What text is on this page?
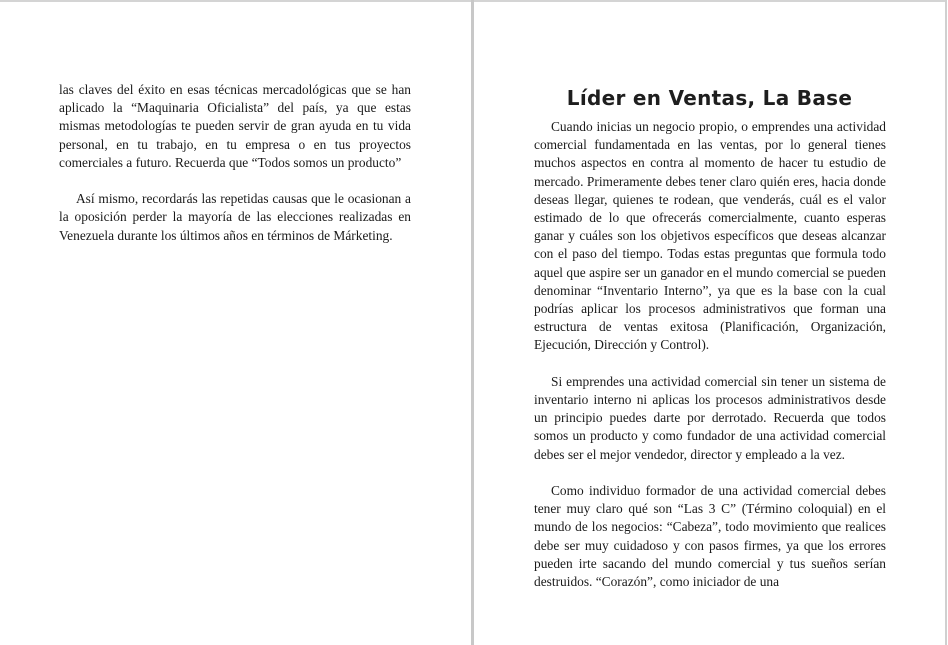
las claves del éxito en esas técnicas mercadológicas que se han aplicado la “Maquinaria Oficialista” del país, ya que estas mismas metodologías te pueden servir de gran ayuda en tu vida personal, en tu trabajo, en tu empresa o en tus proyectos comerciales a futuro. Recuerda que “Todos somos un producto”

Así mismo, recordarás las repetidas causas que le ocasionan a la oposición perder la mayoría de las elecciones realizadas en Venezuela durante los últimos años en términos de Márketing.

Líder en Ventas, La Base

Cuando inicias un negocio propio, o emprendes una actividad comercial fundamentada en las ventas, por lo general tienes muchos aspectos en contra al momento de hacer tu estudio de mercado. Primeramente debes tener claro quién eres, hacia donde deseas llegar, quienes te rodean, que venderás, cuál es el valor estimado de lo que ofrecerás comercialmente, cuanto esperas ganar y cuáles son los objetivos específicos que deseas alcanzar con el paso del tiempo. Todas estas preguntas que formula todo aquel que aspire ser un ganador en el mundo comercial se pueden denominar “Inventario Interno”, ya que es la base con la cual podrías aplicar los procesos administrativos que forman una estructura de ventas exitosa (Planificación, Organización, Ejecución, Dirección y Control).

Si emprendes una actividad comercial sin tener un sistema de inventario interno ni aplicas los procesos administrativos desde un principio puedes darte por derrotado. Recuerda que todos somos un producto y como fundador de una actividad comercial debes ser el mejor vendedor, director y empleado a la vez.

Como individuo formador de una actividad comercial debes tener muy claro qué son “Las 3 C” (Término coloquial) en el mundo de los negocios: “Cabeza”, todo movimiento que realices debe ser muy cuidadoso y con pasos firmes, ya que los errores pueden irte sacando del mundo comercial y tus sueños serían destruidos. “Corazón”, como iniciador de una
